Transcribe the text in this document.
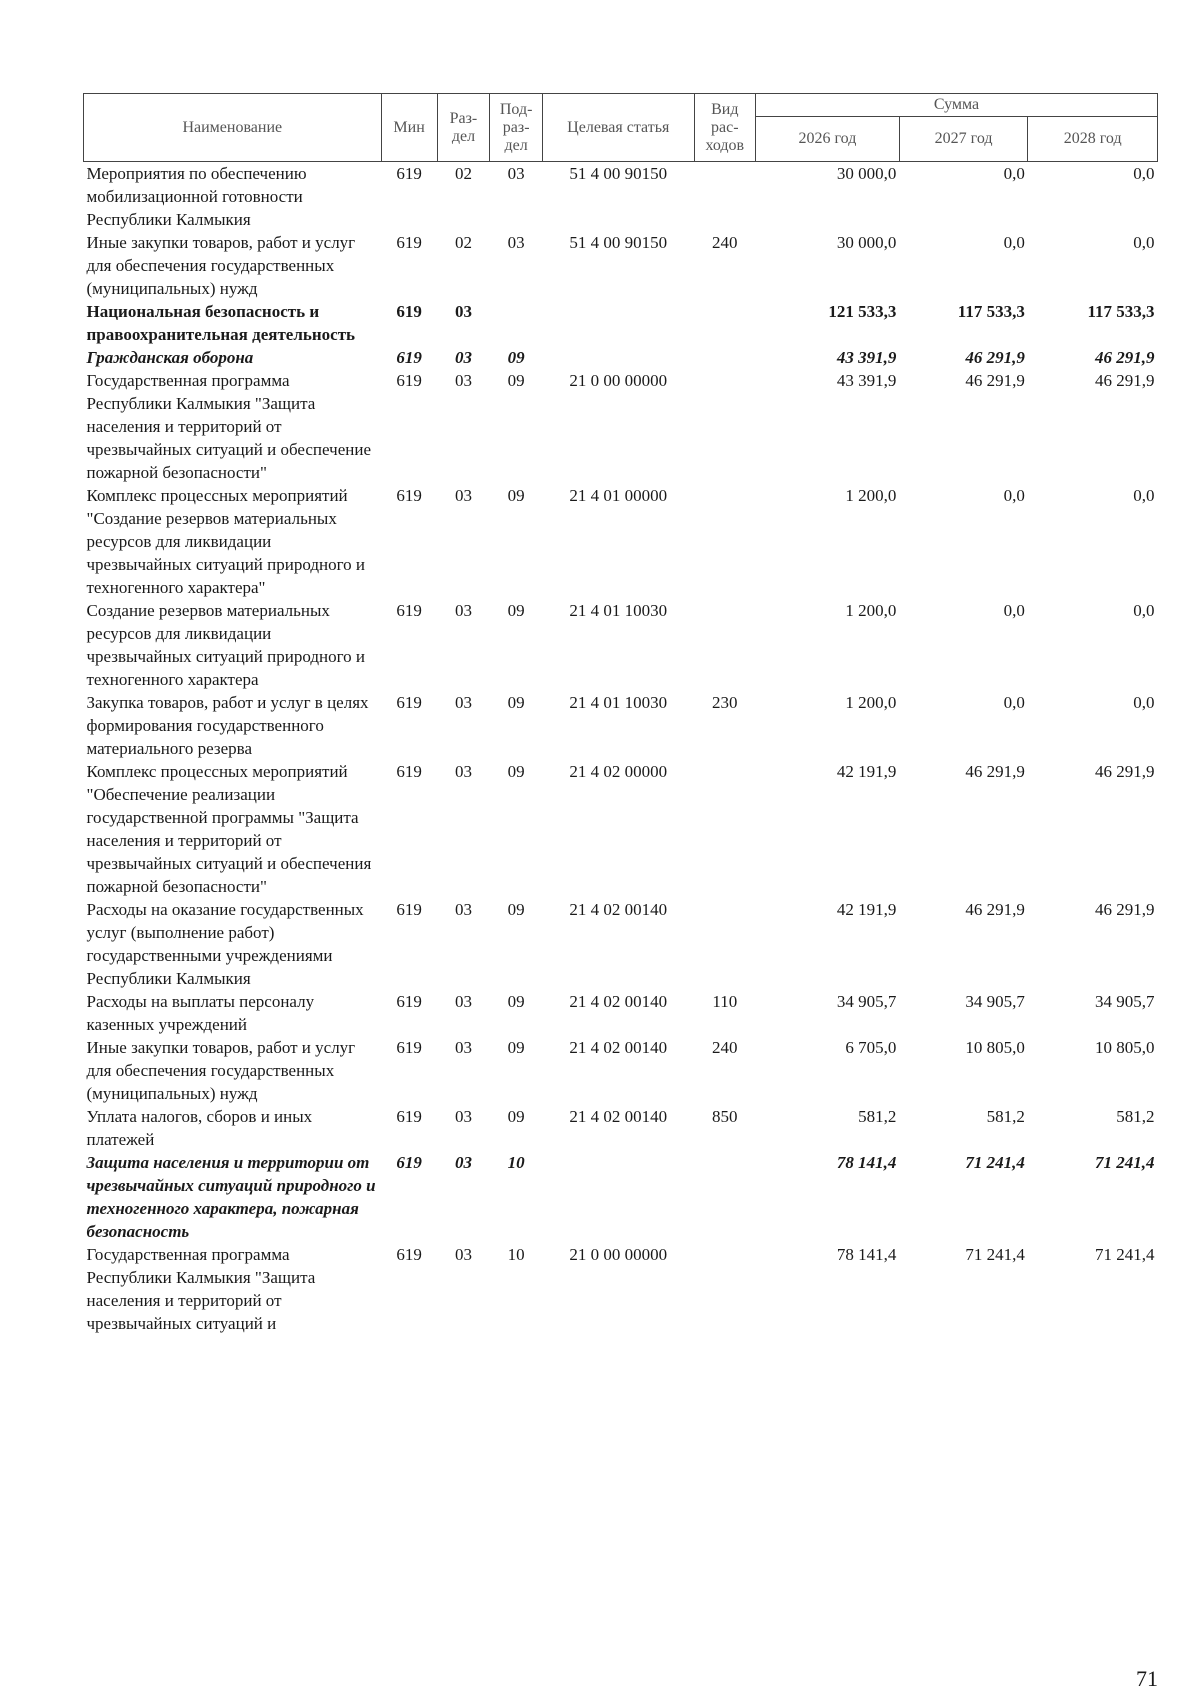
Наименование	Мин	Раз-дел	Под-раз-дел	Целевая статья	Вид рас-ходов	Сумма		
						2026 год	2027 год	2028 год
Мероприятия по обеспечению мобилизационной готовности Республики Калмыкия	619	02	03	51 4 00 90150		30 000,0	0,0	0,0
Иные закупки товаров, работ и услуг для обеспечения государственных (муниципальных) нужд	619	02	03	51 4 00 90150	240	30 000,0	0,0	0,0
Национальная безопасность и правоохранительная деятельность	619	03				121 533,3	117 533,3	117 533,3
Гражданская оборона	619	03	09			43 391,9	46 291,9	46 291,9
Государственная программа Республики Калмыкия "Защита населения и территорий от чрезвычайных ситуаций и обеспечение пожарной безопасности"	619	03	09	21 0 00 00000		43 391,9	46 291,9	46 291,9
Комплекс процессных мероприятий "Создание резервов материальных ресурсов для ликвидации чрезвычайных ситуаций природного и техногенного характера"	619	03	09	21 4 01 00000		1 200,0	0,0	0,0
Создание резервов материальных ресурсов для ликвидации чрезвычайных ситуаций природного и техногенного характера	619	03	09	21 4 01 10030		1 200,0	0,0	0,0
Закупка товаров, работ и услуг в целях формирования государственного материального резерва	619	03	09	21 4 01 10030	230	1 200,0	0,0	0,0
Комплекс процессных мероприятий "Обеспечение реализации государственной программы "Защита населения и территорий от чрезвычайных ситуаций и обеспечения пожарной безопасности"	619	03	09	21 4 02 00000		42 191,9	46 291,9	46 291,9
Расходы на оказание государственных услуг (выполнение работ) государственными учреждениями Республики Калмыкия	619	03	09	21 4 02 00140		42 191,9	46 291,9	46 291,9
Расходы на выплаты персоналу казенных учреждений	619	03	09	21 4 02 00140	110	34 905,7	34 905,7	34 905,7
Иные закупки товаров, работ и услуг для обеспечения государственных (муниципальных) нужд	619	03	09	21 4 02 00140	240	6 705,0	10 805,0	10 805,0
Уплата налогов, сборов и иных платежей	619	03	09	21 4 02 00140	850	581,2	581,2	581,2
Защита населения и территории от чрезвычайных ситуаций природного и техногенного характера, пожарная безопасность	619	03	10			78 141,4	71 241,4	71 241,4
Государственная программа Республики Калмыкия "Защита населения и территорий от чрезвычайных ситуаций и	619	03	10	21 0 00 00000		78 141,4	71 241,4	71 241,4
71
